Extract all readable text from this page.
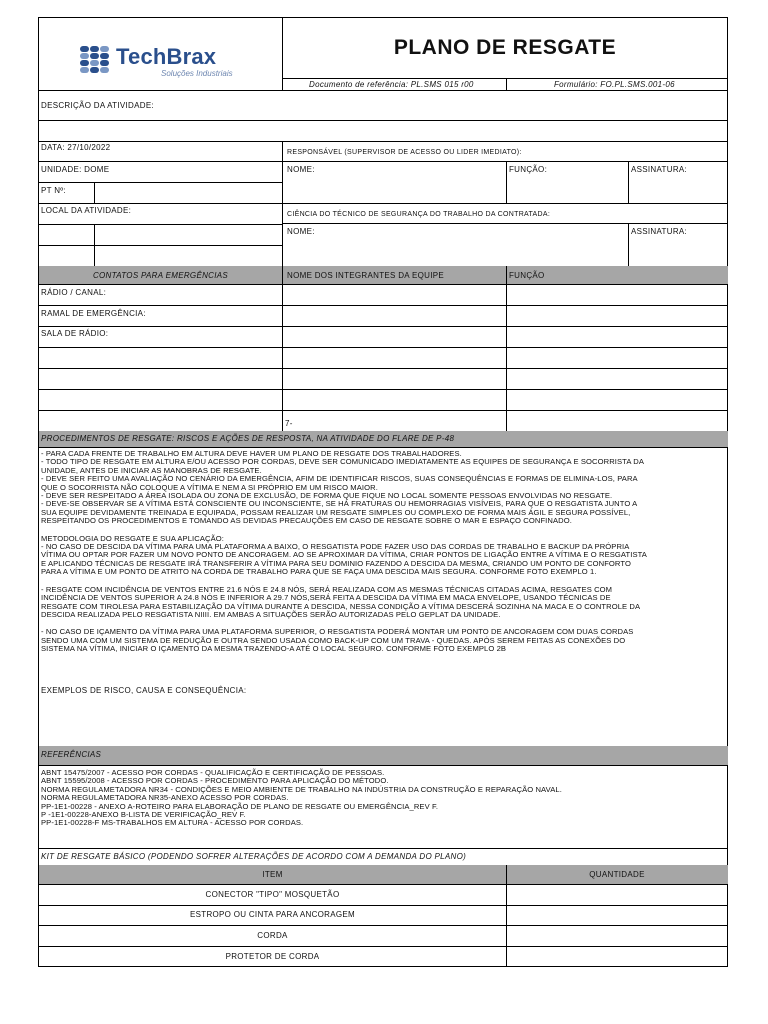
TechBrax
Soluções Industriais
PLANO DE RESGATE
Documento de referência: PL.SMS 015 r00	Formulário: FO.PL.SMS.001-06
DESCRIÇÃO DA ATIVIDADE:
DATA: 27/10/2022
RESPONSÁVEL (SUPERVISOR DE ACESSO OU LIDER IMEDIATO):
UNIDADE: DOME	NOME:	FUNÇÃO:	ASSINATURA:
PT Nº:
LOCAL DA ATIVIDADE:	CIÊNCIA DO TÉCNICO DE SEGURANÇA DO TRABALHO DA CONTRATADA:
NOME:	ASSINATURA:
CONTATOS PARA EMERGÊNCIAS	NOME DOS INTEGRANTES DA EQUIPE	FUNÇÃO
RÁDIO / CANAL:
RAMAL DE EMERGÊNCIA:
SALA DE RÁDIO:
7-
PROCEDIMENTOS DE RESGATE: RISCOS E AÇÕES DE RESPOSTA, NA ATIVIDADE DO FLARE DE P-48

- PARA CADA FRENTE DE TRABALHO EM ALTURA DEVE HAVER UM PLANO DE RESGATE DOS TRABALHADORES.

- TODO TIPO DE RESGATE EM ALTURA E/OU ACESSO POR CORDAS, DEVE SER COMUNICADO IMEDIATAMENTE AS EQUIPES DE SEGURANÇA E SOCORRISTA DA

UNIDADE, ANTES DE INICIAR AS MANOBRAS DE RESGATE.

- DEVE SER FEITO UMA AVALIAÇÃO NO CENÁRIO DA EMERGÊNCIA, AFIM DE IDENTIFICAR RISCOS, SUAS CONSEQUÊNCIAS E FORMAS DE ELIMINA-LOS, PARA

QUE O SOCORRISTA NÃO COLOQUE A VÍTIMA E NEM A SI PRÓPRIO EM UM RISCO MAIOR.

- DEVE SER RESPEITADO A ÁREA ISOLADA OU ZONA DE EXCLUSÃO, DE FORMA QUE FIQUE NO LOCAL SOMENTE PESSOAS ENVOLVIDAS NO RESGATE.

- DEVE-SE OBSERVAR SE A VÍTIMA ESTÁ CONSCIENTE OU INCONSCIENTE, SE HÁ FRATURAS OU HEMORRAGIAS VISÍVEIS, PARA QUE O RESGATISTA JUNTO A

SUA EQUIPE DEVIDAMENTE TREINADA E EQUIPADA, POSSAM REALIZAR UM RESGATE SIMPLES OU COMPLEXO DE FORMA MAIS ÁGIL E SEGURA POSSÍVEL,

RESPEITANDO OS PROCEDIMENTOS E TOMANDO AS DEVIDAS PRECAUÇÕES EM CASO DE RESGATE SOBRE O MAR E ESPAÇO CONFINADO.

METODOLOGIA DO RESGATE E SUA APLICAÇÃO:

- NO CASO DE DESCIDA DA VÍTIMA PARA UMA PLATAFORMA A BAIXO, O RESGATISTA PODE FAZER USO DAS CORDAS DE TRABALHO E BACKUP DA PRÓPRIA

VÍTIMA OU OPTAR POR FAZER UM NOVO PONTO DE ANCORAGEM. AO SE APROXIMAR DA VÍTIMA, CRIAR PONTOS DE LIGAÇÃO ENTRE A VÍTIMA E O RESGATISTA

E APLICANDO TÉCNICAS DE RESGATE IRÁ TRANSFERIR A VÍTIMA PARA SEU DOMINIO FAZENDO A DESCIDA DA MESMA, CRIANDO UM PONTO DE CONFORTO

PARA A VÍTIMA E UM PONTO DE ATRITO NA CORDA DE TRABALHO PARA QUE SE FAÇA UMA DESCIDA MAIS SEGURA. CONFORME FOTO EXEMPLO 1.

- RESGATE COM INCIDÊNCIA DE VENTOS ENTRE 21.6 NÓS E 24.8 NÓS, SERÁ REALIZADA COM AS MESMAS TÉCNICAS CITADAS ACIMA, RESGATES COM

INCIDÊNCIA DE VENTOS SUPERIOR A 24.8 NÓS E INFERIOR A 29.7 NÓS,SERÁ FEITA A DESCIDA DA VÍTIMA EM MACA ENVELOPE, USANDO TÉCNICAS DE

RESGATE COM TIROLESA PARA ESTABILIZAÇÃO DA VÍTIMA DURANTE A DESCIDA, NESSA CONDIÇÃO A VÍTIMA DESCERÁ SOZINHA NA MACA E O CONTROLE DA

DESCIDA REALIZADA PELO RESGATISTA NIIII. EM AMBAS A SITUAÇÕES SERÃO AUTORIZADAS PELO GEPLAT DA UNIDADE.

- NO CASO DE IÇAMENTO DA VÍTIMA PARA UMA PLATAFORMA SUPERIOR, O RESGATISTA PODERÁ MONTAR UM PONTO DE ANCORAGEM COM DUAS CORDAS

SENDO UMA COM UM SISTEMA DE REDUÇÃO E OUTRA SENDO USADA COMO BACK-UP COM UM TRAVA - QUEDAS. APÓS SEREM FEITAS AS CONEXÕES DO

SISTEMA NA VÍTIMA, INICIAR O IÇAMENTO DA MESMA TRAZENDO-A ATÉ O LOCAL SEGURO. CONFORME FOTO EXEMPLO 2B

EXEMPLOS DE RISCO, CAUSA E CONSEQUÊNCIA:
REFERÊNCIAS

ABNT 15475/2007 - ACESSO POR CORDAS - QUALIFICAÇÃO E CERTIFICAÇÃO DE PESSOAS.

ABNT 15595/2008 - ACESSO POR CORDAS - PROCEDIMENTO PARA APLICAÇÃO DO MÉTODO.

NORMA REGULAMETADORA NR34 - CONDIÇÕES E MEIO AMBIENTE DE TRABALHO NA INDÚSTRIA DA CONSTRUÇÃO E REPARAÇÃO NAVAL.

NORMA REGULAMETADORA NR35-ANEXO ACESSO POR CORDAS.

PP-1E1-00228 - ANEXO A-ROTEIRO PARA ELABORAÇÃO DE PLANO DE RESGATE OU EMERGÊNCIA_REV F.

P -1E1-00228-ANEXO B-LISTA DE VERIFICAÇÃO_REV F.

PP-1E1-00228-F MS-TRABALHOS EM ALTURA - ACESSO POR CORDAS.

KIT DE RESGATE BÁSICO (PODENDO SOFRER ALTERAÇÕES DE ACORDO COM A DEMANDA DO PLANO)
ITEM	QUANTIDADE
CONECTOR "TIPO" MOSQUETÃO
ESTROPO OU CINTA PARA ANCORAGEM
CORDA
PROTETOR DE CORDA
